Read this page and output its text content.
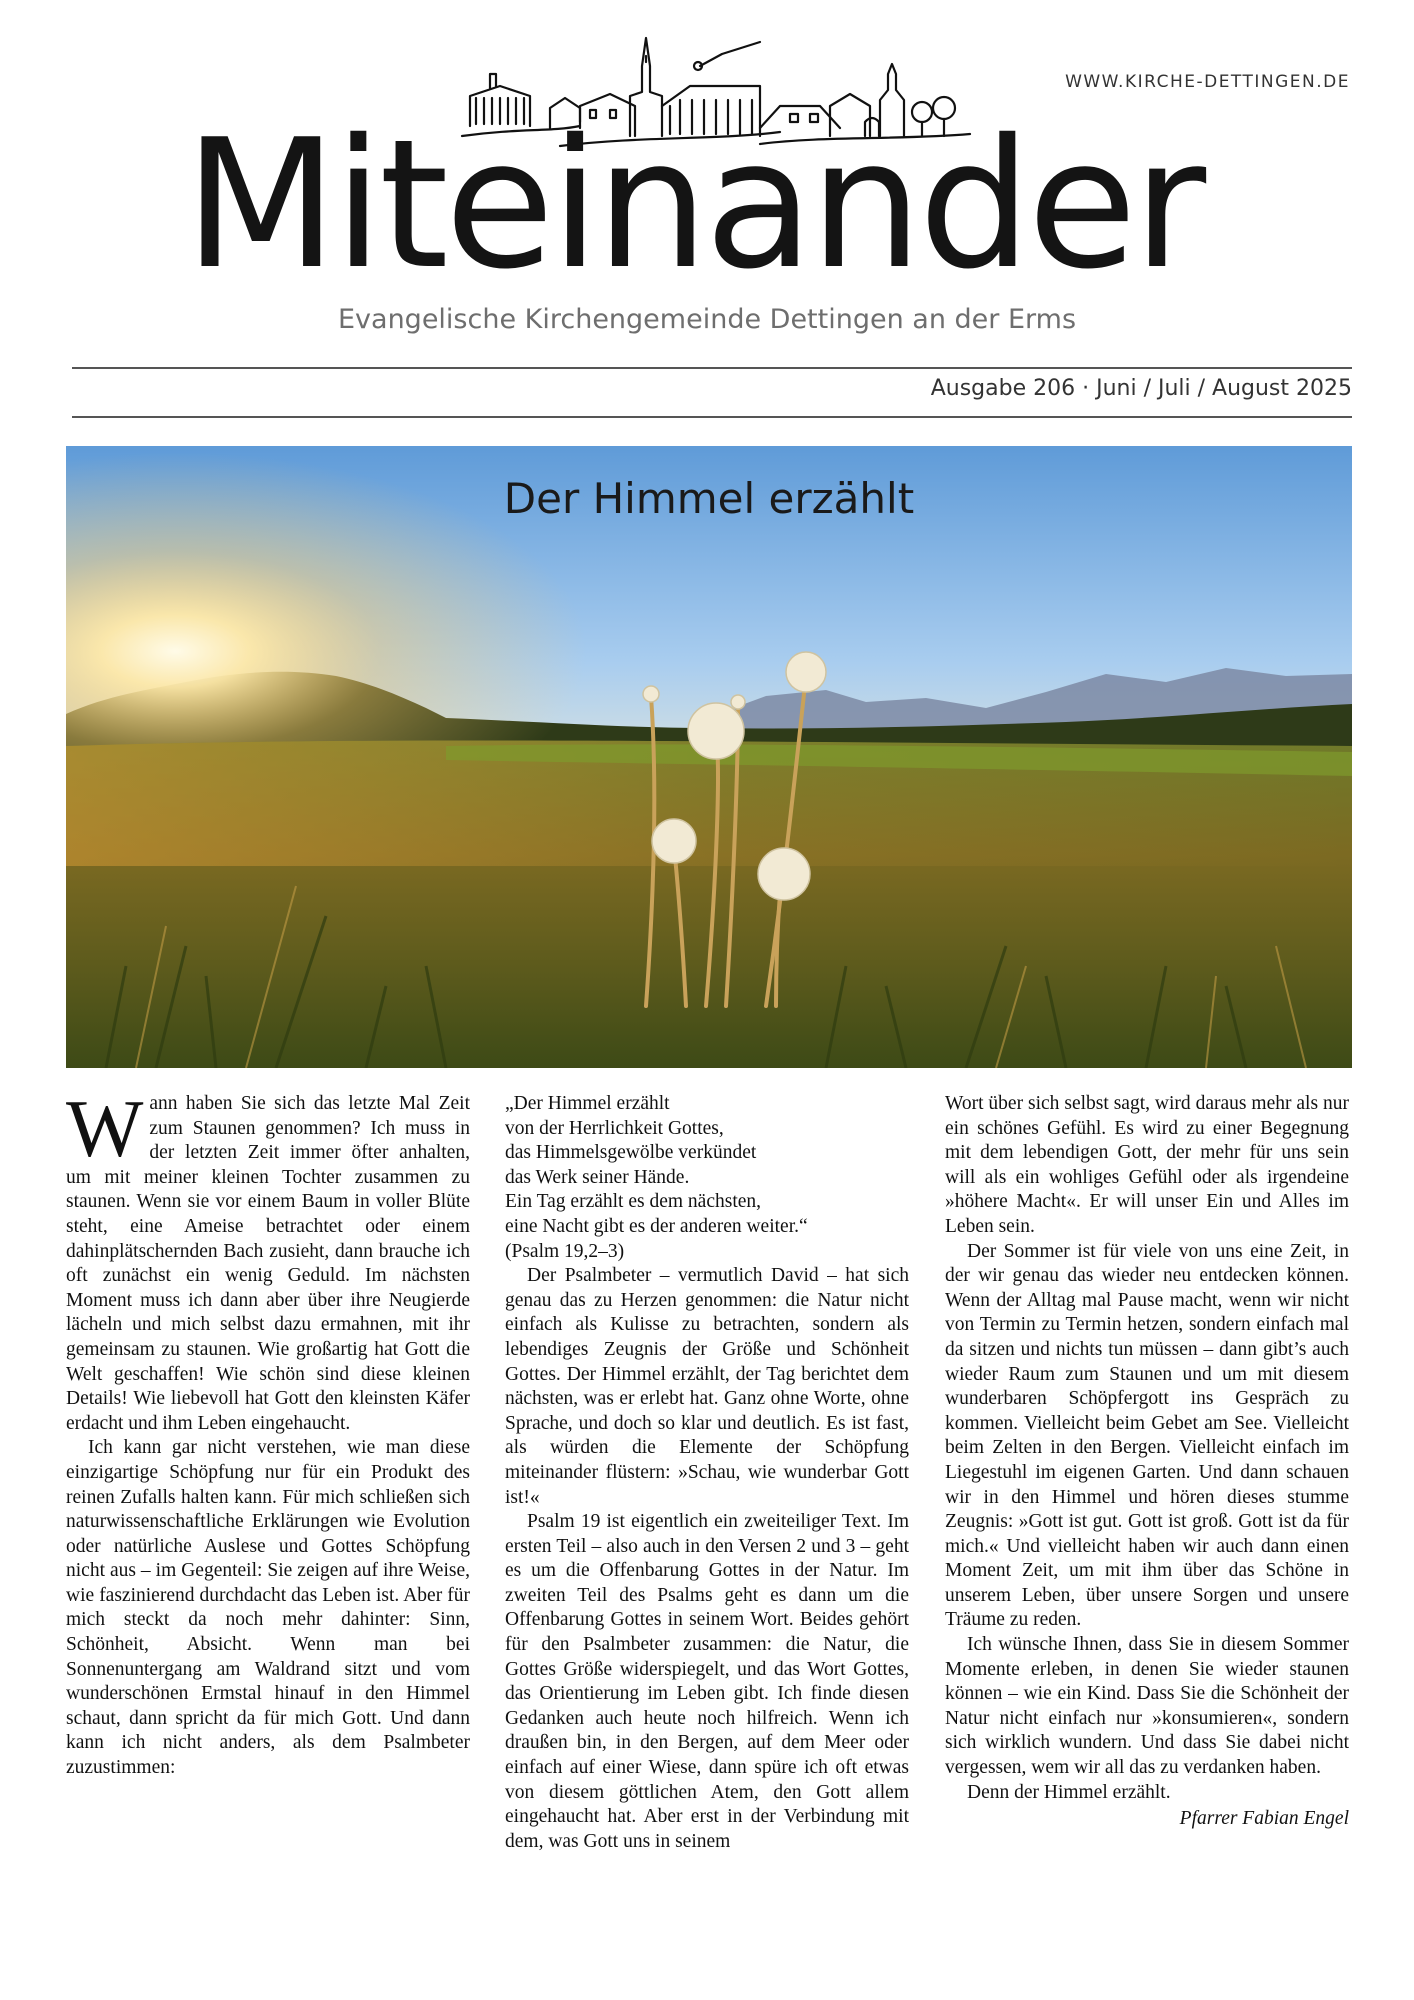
WWW.KIRCHE-DETTINGEN.DE
Miteinander
Evangelische Kirchengemeinde Dettingen an der Erms
Ausgabe 206 · Juni / Juli / August 2025
Der Himmel erzählt

Wann haben Sie sich das letzte Mal Zeit zum Staunen genommen? Ich muss in der letzten Zeit immer öfter anhalten, um mit meiner kleinen Tochter zusammen zu staunen. Wenn sie vor einem Baum in voller Blüte steht, eine Ameise betrachtet oder einem dahinplätschernden Bach zusieht, dann brauche ich oft zunächst ein wenig Geduld. Im nächsten Moment muss ich dann aber über ihre Neugierde lächeln und mich selbst dazu ermahnen, mit ihr gemeinsam zu staunen. Wie großartig hat Gott die Welt geschaffen! Wie schön sind diese kleinen Details! Wie liebevoll hat Gott den kleinsten Käfer erdacht und ihm Leben eingehaucht.

Ich kann gar nicht verstehen, wie man diese einzigartige Schöpfung nur für ein Produkt des reinen Zufalls halten kann. Für mich schließen sich naturwissenschaftliche Erklärungen wie Evolution oder natürliche Auslese und Gottes Schöpfung nicht aus – im Gegenteil: Sie zeigen auf ihre Weise, wie faszinierend durchdacht das Leben ist. Aber für mich steckt da noch mehr dahinter: Sinn, Schönheit, Absicht. Wenn man bei Sonnenuntergang am Waldrand sitzt und vom wunderschönen Ermstal hinauf in den Himmel schaut, dann spricht da für mich Gott. Und dann kann ich nicht anders, als dem Psalmbeter zuzustimmen:

„Der Himmel erzählt
von der Herrlichkeit Gottes,
das Himmelsgewölbe verkündet
das Werk seiner Hände.
Ein Tag erzählt es dem nächsten,
eine Nacht gibt es der anderen weiter.“
(Psalm 19,2–3)

Der Psalmbeter – vermutlich David – hat sich genau das zu Herzen genommen: die Natur nicht einfach als Kulisse zu betrachten, sondern als lebendiges Zeugnis der Größe und Schönheit Gottes. Der Himmel erzählt, der Tag berichtet dem nächsten, was er erlebt hat. Ganz ohne Worte, ohne Sprache, und doch so klar und deutlich. Es ist fast, als würden die Elemente der Schöpfung miteinander flüstern: »Schau, wie wunderbar Gott ist!«

Psalm 19 ist eigentlich ein zweiteiliger Text. Im ersten Teil – also auch in den Versen 2 und 3 – geht es um die Offenbarung Gottes in der Natur. Im zweiten Teil des Psalms geht es dann um die Offenbarung Gottes in seinem Wort. Beides gehört für den Psalmbeter zusammen: die Natur, die Gottes Größe widerspiegelt, und das Wort Gottes, das Orientierung im Leben gibt. Ich finde diesen Gedanken auch heute noch hilfreich. Wenn ich draußen bin, in den Bergen, auf dem Meer oder einfach auf einer Wiese, dann spüre ich oft etwas von diesem göttlichen Atem, den Gott allem eingehaucht hat. Aber erst in der Verbindung mit dem, was Gott uns in seinem

Wort über sich selbst sagt, wird daraus mehr als nur ein schönes Gefühl. Es wird zu einer Begegnung mit dem lebendigen Gott, der mehr für uns sein will als ein wohliges Gefühl oder als irgendeine »höhere Macht«. Er will unser Ein und Alles im Leben sein.

Der Sommer ist für viele von uns eine Zeit, in der wir genau das wieder neu entdecken können. Wenn der Alltag mal Pause macht, wenn wir nicht von Termin zu Termin hetzen, sondern einfach mal da sitzen und nichts tun müssen – dann gibt’s auch wieder Raum zum Staunen und um mit diesem wunderbaren Schöpfergott ins Gespräch zu kommen. Vielleicht beim Gebet am See. Vielleicht beim Zelten in den Bergen. Vielleicht einfach im Liegestuhl im eigenen Garten. Und dann schauen wir in den Himmel und hören dieses stumme Zeugnis: »Gott ist gut. Gott ist groß. Gott ist da für mich.« Und vielleicht haben wir auch dann einen Moment Zeit, um mit ihm über das Schöne in unserem Leben, über unsere Sorgen und unsere Träume zu reden.

Ich wünsche Ihnen, dass Sie in diesem Sommer Momente erleben, in denen Sie wieder staunen können – wie ein Kind. Dass Sie die Schönheit der Natur nicht einfach nur »konsumieren«, sondern sich wirklich wundern. Und dass Sie dabei nicht vergessen, wem wir all das zu verdanken haben.

Denn der Himmel erzählt.

Pfarrer Fabian Engel
